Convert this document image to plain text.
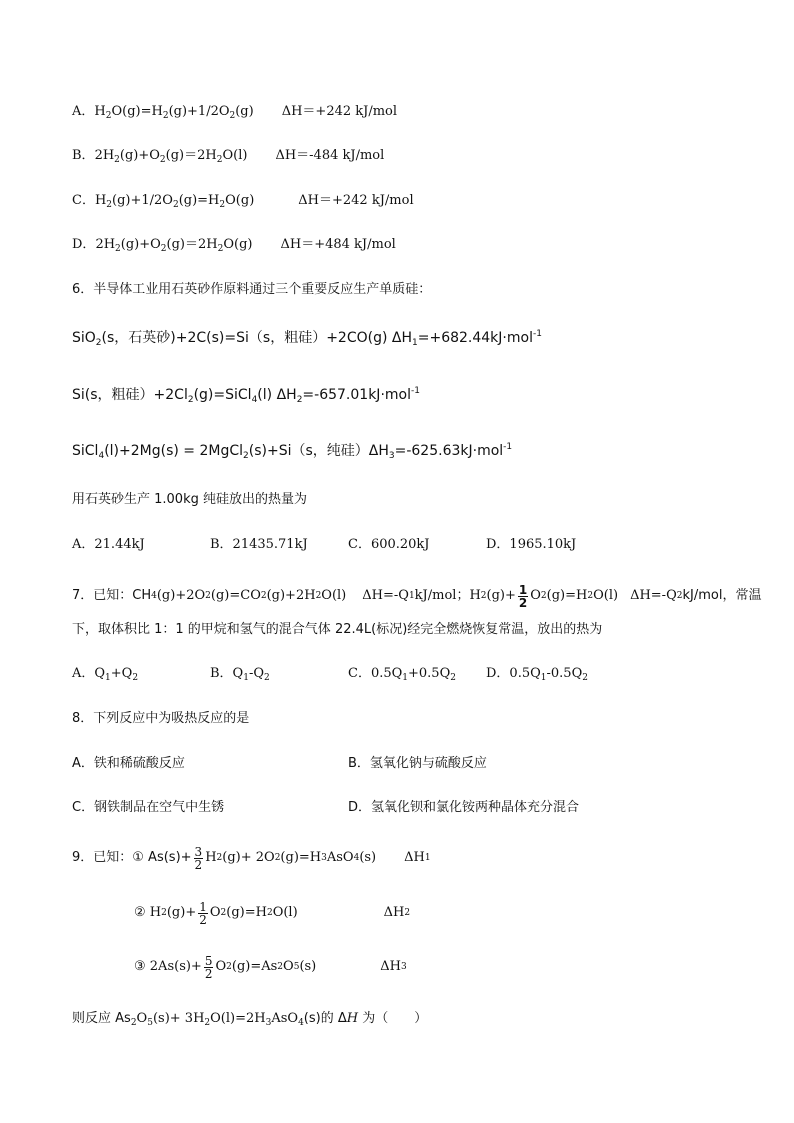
A．$H_2O(g)=H_2(g)+1/2O_2(g)$ ΔH＝+242 kJ/mol
B．$2H_2(g)+O_2(g)=2H_2O(l)$ ΔH＝-484 kJ/mol
C．$H_2(g)+1/2O_2(g)=H_2O(g)$	ΔH＝+242 kJ/mol
D．$2H_2(g)+O_2(g)=2H_2O(g)$ ΔH＝+484 kJ/mol
6．半导体工业用石英砂作原料通过三个重要反应生产单质硅：
SiO$_2$(s，石英砂)+2C(s)=Si（s，粗硅）+2CO(g) $\Delta H_1=+682.44kJ\cdot mol^{-1}$
Si(s，粗硅）$+2Cl_2(g)=SiCl_4(l)$ $\Delta H_2=-657.01kJ\cdot mol^{-1}$
SiCl$_4$(l)+2Mg(s) = 2MgCl$_2$(s)+Si（s，纯硅）$\Delta H_3=-625.63kJ\cdot mol^{-1}$
用石英砂生产 1.00kg 纯硅放出的热量为
A．21.44kJ	B．21435.71kJ	C．600.20kJ	D．1965.10kJ
7．已知：CH 4 (g)+2O 2 (g)=CO 2 (g)+2H 2 O(l) ΔH=-Q 1 kJ/mol；H 2 $(g)+ \frac{1}{2}$ O 2 (g)=H 2 O(l) ΔH=-Q 2 kJ/mol，常温
下，取体积比 1：1 的甲烷和氢气的混合气体 22.4L(标况)经完全燃烧恢复常温，放出的热为
A．$Q_1+Q_2$	B．$Q_1-Q_2$	C．$0.5Q_1+0.5Q_2$ D．$0.5Q_1-0.5Q_2$
8．下列反应中为吸热反应的是
A．铁和稀硫酸反应	B．氢氧化钠与硫酸反应
C．钢铁制品在空气中生锈	D．氢氧化钡和氯化铵两种晶体充分混合
9．已知：① $As(s)+ \frac{3}{2}$ H 2 (g)+ 2O 2 (g)=H 3 AsO 4 (s) ΔH 1
② H 2 $(g)+ \frac{1}{2}$ O 2 (g)=H 2 O(l)	ΔH 2
③ $2As(s)+ \frac{5}{2}$ O 2 (g)=As 2 O 5 (s)	ΔH 3
则反应 $As_2O_5(s)+ 3H_2O(l)=2H_3AsO_4(s)$的 ΔH 为（　　）
